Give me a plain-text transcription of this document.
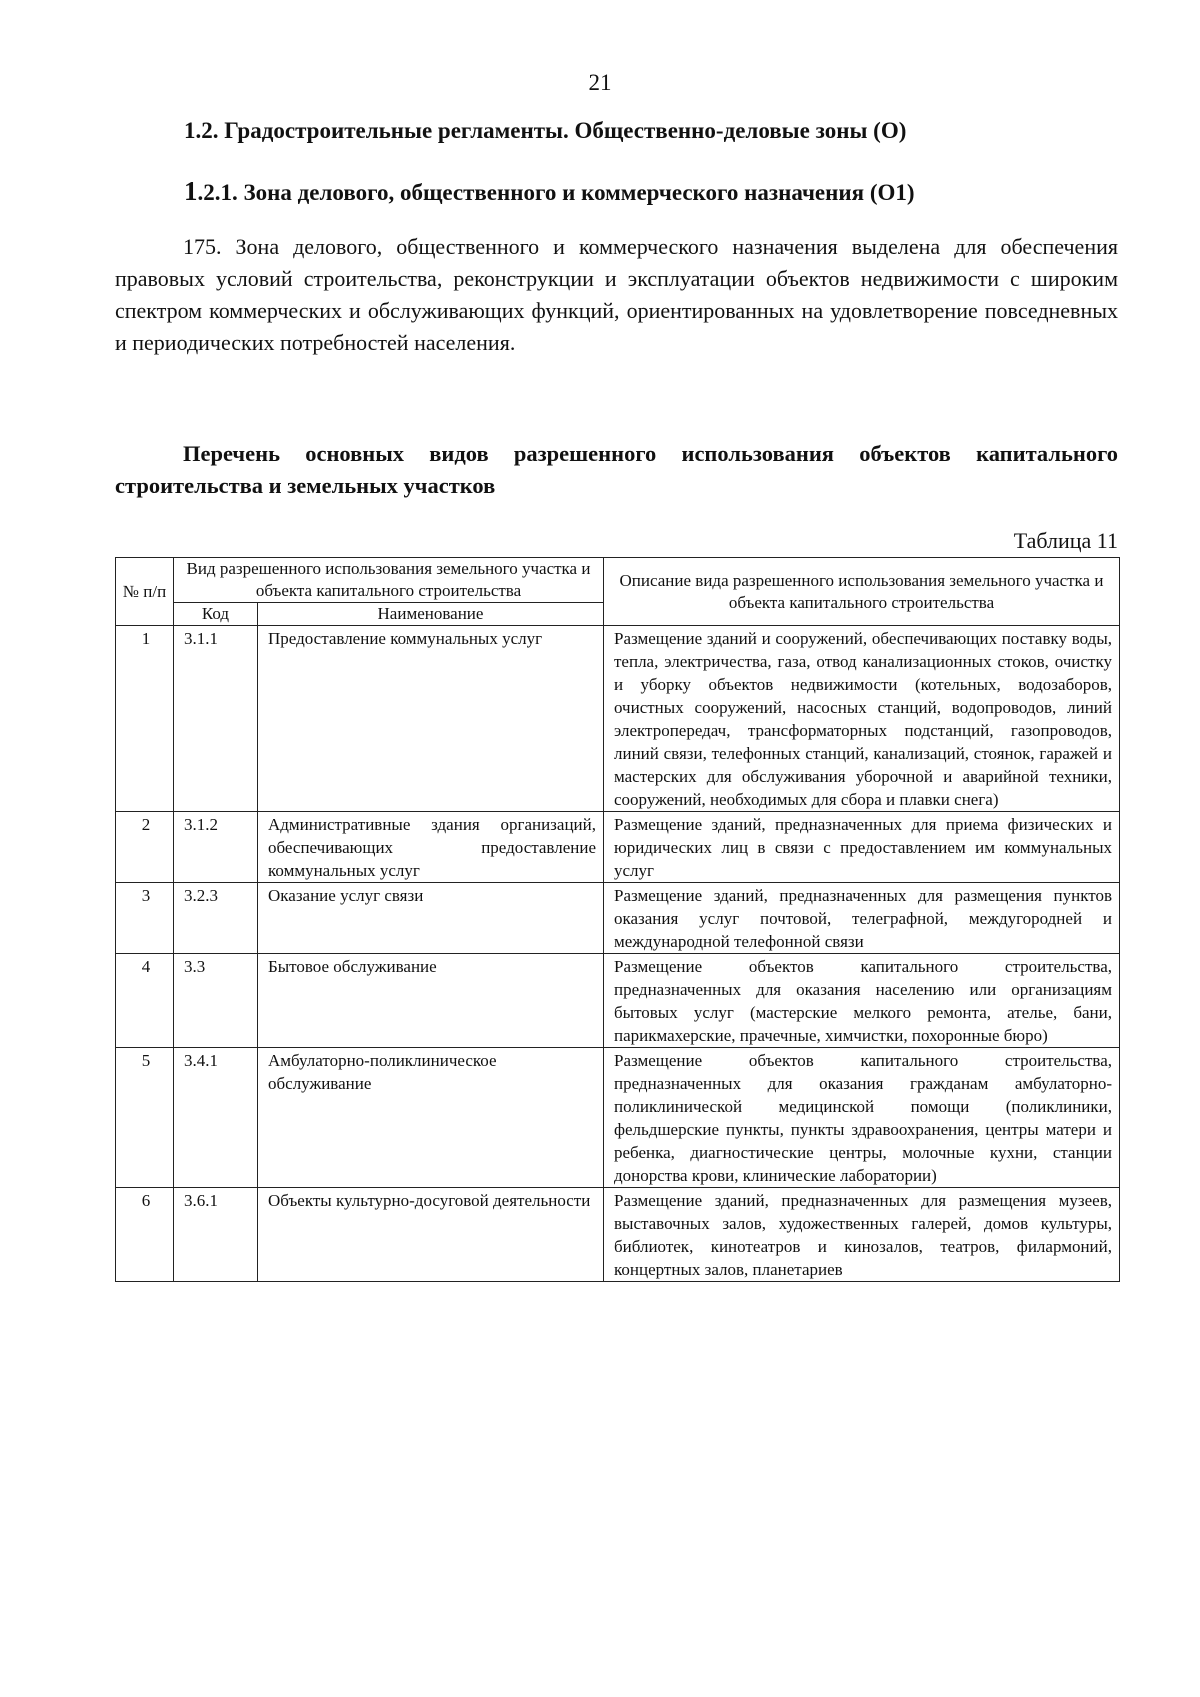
21
1.2. Градостроительные регламенты. Общественно-деловые зоны (О)
1.2.1. Зона делового, общественного и коммерческого назначения (О1)
175. Зона делового, общественного и коммерческого назначения выделена для обеспечения правовых условий строительства, реконструкции и эксплуатации объектов недвижимости с широким спектром коммерческих и обслуживающих функций, ориентированных на удовлетворение повседневных и периодических потребностей населения.
Перечень основных видов разрешенного использования объектов капитального строительства и земельных участков
Таблица 11
№ п/п	Вид разрешенного использования земельного участка и объекта капитального строительства		Описание вида разрешенного использования земельного участка и объекта капитального строительства
	Код	Наименование	
1	3.1.1	Предоставление коммунальных услуг	Размещение зданий и сооружений, обеспечивающих поставку воды, тепла, электричества, газа, отвод канализационных стоков, очистку и уборку объектов недвижимости (котельных, водозаборов, очистных сооружений, насосных станций, водопроводов, линий электропередач, трансформаторных подстанций, газопроводов, линий связи, телефонных станций, канализаций, стоянок, гаражей и мастерских для обслуживания уборочной и аварийной техники, сооружений, необходимых для сбора и плавки снега)
2	3.1.2	Административные здания организаций, обеспечивающих предоставление коммунальных услуг	Размещение зданий, предназначенных для приема физических и юридических лиц в связи с предоставлением им коммунальных услуг
3	3.2.3	Оказание услуг связи	Размещение зданий, предназначенных для размещения пунктов оказания услуг почтовой, телеграфной, междугородней и международной телефонной связи
4	3.3	Бытовое обслуживание	Размещение объектов капитального строительства, предназначенных для оказания населению или организациям бытовых услуг (мастерские мелкого ремонта, ателье, бани, парикмахерские, прачечные, химчистки, похоронные бюро)
5	3.4.1	Амбулаторно-поликлиническое обслуживание	Размещение объектов капитального строительства, предназначенных для оказания гражданам амбулаторно-поликлинической медицинской помощи (поликлиники, фельдшерские пункты, пункты здравоохранения, центры матери и ребенка, диагностические центры, молочные кухни, станции донорства крови, клинические лаборатории)
6	3.6.1	Объекты культурно-досуговой деятельности	Размещение зданий, предназначенных для размещения музеев, выставочных залов, художественных галерей, домов культуры, библиотек, кинотеатров и кинозалов, театров, филармоний, концертных залов, планетариев
